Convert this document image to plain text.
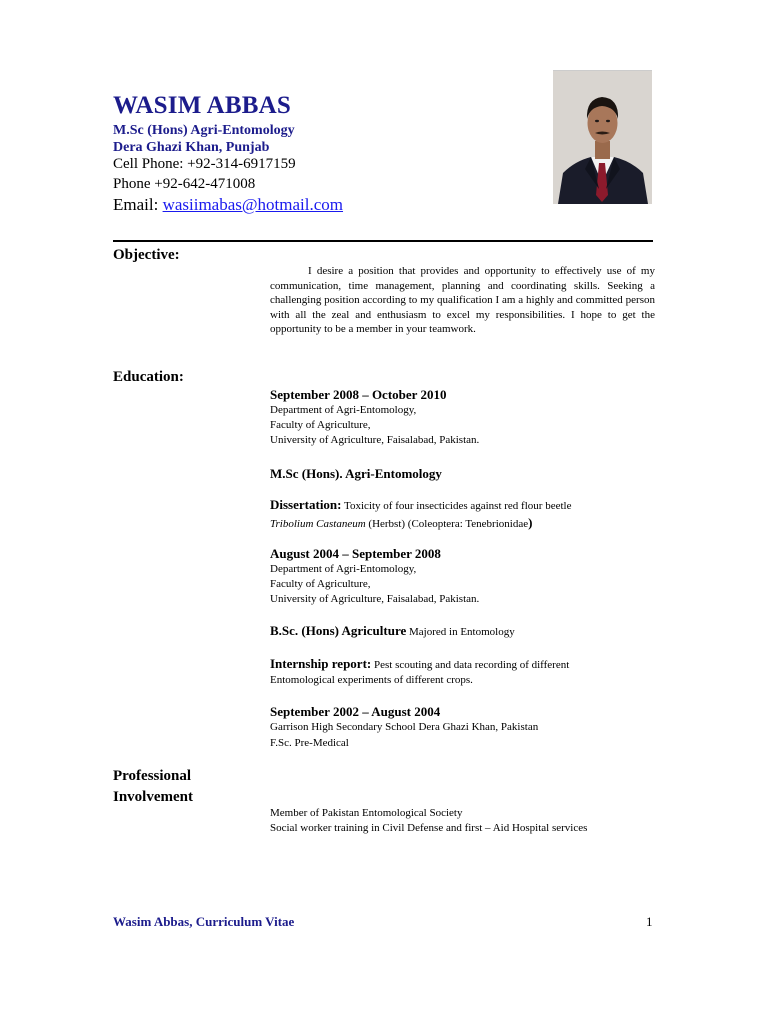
WASIM ABBAS
M.Sc (Hons) Agri-Entomology
Dera Ghazi Khan, Punjab
Cell Phone: +92-314-6917159
Phone +92-642-471008
Email: wasiimabas@hotmail.com
Objective:
I desire a position that provides and opportunity to effectively use of my communication, time management, planning and coordinating skills. Seeking a challenging position according to my qualification I am a highly and committed person with all the zeal and enthusiasm to excel my responsibilities. I hope to get the opportunity to be a member in your teamwork.
Education:
September 2008 – October 2010
Department of Agri-Entomology,
Faculty of Agriculture,
University of Agriculture, Faisalabad, Pakistan.
M.Sc (Hons). Agri-Entomology
Dissertation: Toxicity of four insecticides against red flour beetle
Tribolium Castaneum (Herbst) (Coleoptera: Tenebrionidae)
August 2004 – September 2008
Department of Agri-Entomology,
Faculty of Agriculture,
University of Agriculture, Faisalabad, Pakistan.
B.Sc. (Hons) Agriculture Majored in Entomology
Internship report: Pest scouting and data recording of different
Entomological experiments of different crops.
September 2002 – August 2004
Garrison High Secondary School Dera Ghazi Khan, Pakistan
F.Sc. Pre-Medical
Professional
Involvement
Member of Pakistan Entomological Society
Social worker training in Civil Defense and first – Aid Hospital services
Wasim Abbas, Curriculum Vitae	1
